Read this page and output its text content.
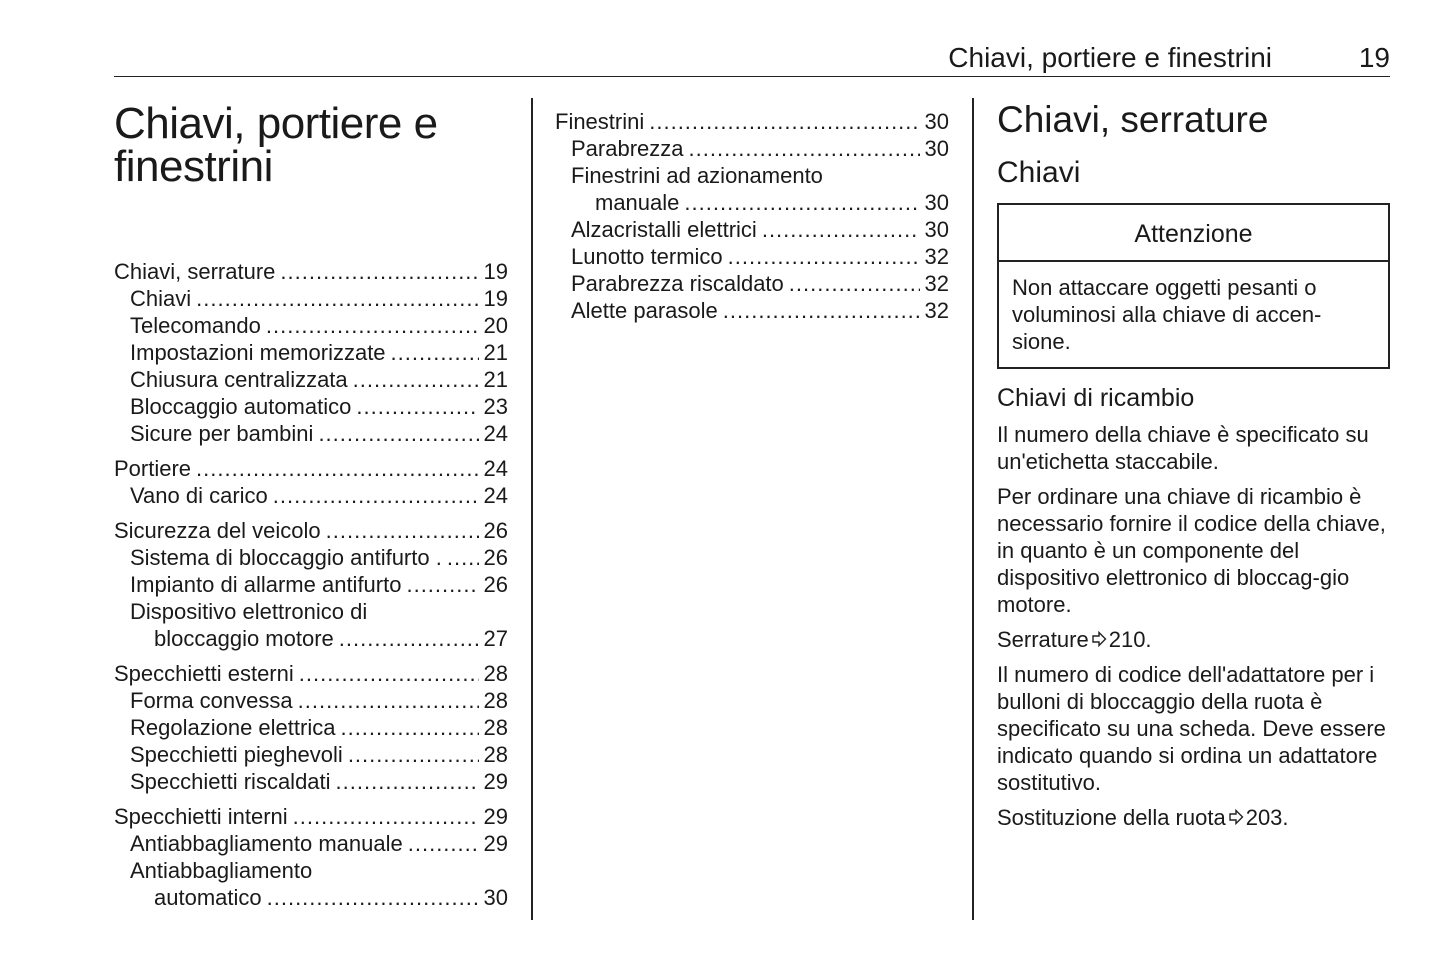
Chiavi, portiere e finestrini	19
Chiavi, portiere e finestrini
Chiavi, serrature .....	19
Chiavi .....	19
Telecomando .....	20
Impostazioni memorizzate .....	21
Chiusura centralizzata .....	21
Bloccaggio automatico .....	23
Sicure per bambini .....	24
Portiere .....	24
Vano di carico .....	24
Sicurezza del veicolo .....	26
Sistema di bloccaggio antifurto . ..... 26
Impianto di allarme antifurto .....	26
Dispositivo elettronico di
bloccaggio motore .....	27
Specchietti esterni .....	28
Forma convessa .....	28
Regolazione elettrica .....	28
Specchietti pieghevoli .....	28
Specchietti riscaldati .....	29
Specchietti interni .....	29
Antiabbagliamento manuale .....	29
Antiabbagliamento
automatico .....	30
Finestrini .....	30
Parabrezza .....	30
Finestrini ad azionamento
manuale .....	30
Alzacristalli elettrici .....	30
Lunotto termico .....	32
Parabrezza riscaldato .....	32
Alette parasole .....	32
Chiavi, serrature
Chiavi
Attenzione
Non attaccare oggetti pesanti o voluminosi alla chiave di accen-sione.
Chiavi di ricambio

Il numero della chiave è specificato su un'etichetta staccabile.

Per ordinare una chiave di ricambio è necessario fornire il codice della chiave, in quanto è un componente del dispositivo elettronico di bloccag-gio motore.

Serrature 210.

Il numero di codice dell'adattatore per i bulloni di bloccaggio della ruota è specificato su una scheda. Deve essere indicato quando si ordina un adattatore sostitutivo.

Sostituzione della ruota 203.
